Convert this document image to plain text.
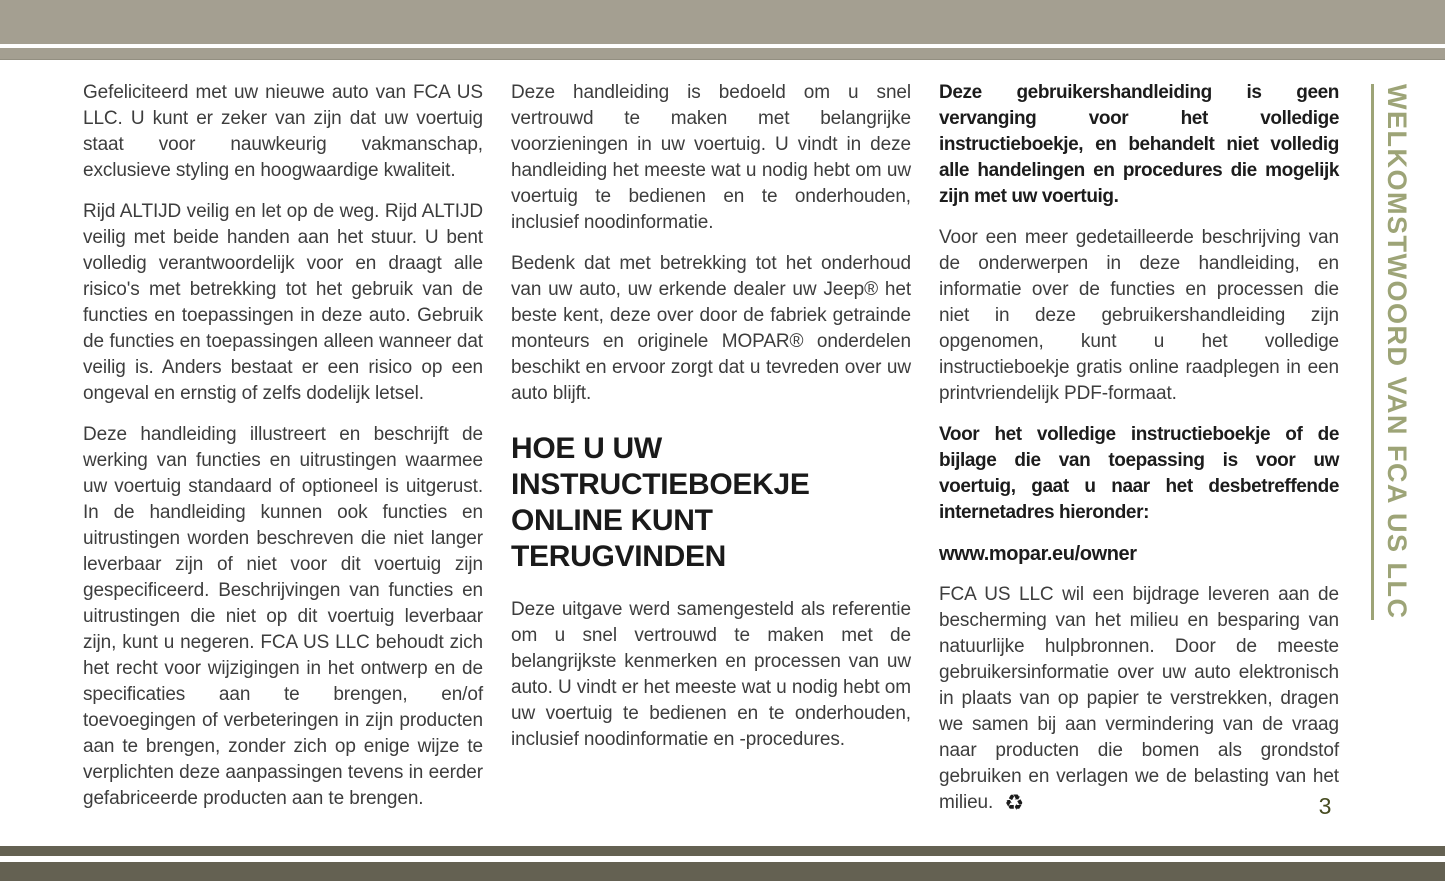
Gefeliciteerd met uw nieuwe auto van FCA US LLC. U kunt er zeker van zijn dat uw voertuig staat voor nauwkeurig vakmanschap, exclusieve styling en hoogwaardige kwaliteit.

Rijd ALTIJD veilig en let op de weg. Rijd ALTIJD veilig met beide handen aan het stuur. U bent volledig verantwoordelijk voor en draagt alle risico's met betrekking tot het gebruik van de functies en toepassingen in deze auto. Gebruik de functies en toepassingen alleen wanneer dat veilig is. Anders bestaat er een risico op een ongeval en ernstig of zelfs dodelijk letsel.

Deze handleiding illustreert en beschrijft de werking van functies en uitrustingen waarmee uw voertuig standaard of optioneel is uitgerust. In de handleiding kunnen ook functies en uitrustingen worden beschreven die niet langer leverbaar zijn of niet voor dit voertuig zijn gespecificeerd. Beschrijvingen van functies en uitrustingen die niet op dit voertuig leverbaar zijn, kunt u negeren. FCA US LLC behoudt zich het recht voor wijzigingen in het ontwerp en de specificaties aan te brengen, en/of toevoegingen of verbeteringen in zijn producten aan te brengen, zonder zich op enige wijze te verplichten deze aanpassingen tevens in eerder gefabriceerde producten aan te brengen.

Deze handleiding is bedoeld om u snel vertrouwd te maken met belangrijke voorzieningen in uw voertuig. U vindt in deze handleiding het meeste wat u nodig hebt om uw voertuig te bedienen en te onderhouden, inclusief noodinformatie.

Bedenk dat met betrekking tot het onderhoud van uw auto, uw erkende dealer uw Jeep® het beste kent, deze over door de fabriek getrainde monteurs en originele MOPAR® onderdelen beschikt en ervoor zorgt dat u tevreden over uw auto blijft.

HOE U UW INSTRUCTIEBOEKJE ONLINE KUNT TERUGVINDEN

Deze uitgave werd samengesteld als referentie om u snel vertrouwd te maken met de belangrijkste kenmerken en processen van uw auto. U vindt er het meeste wat u nodig hebt om uw voertuig te bedienen en te onderhouden, inclusief noodinformatie en -procedures.

Deze gebruikershandleiding is geen vervanging voor het volledige instructieboekje, en behandelt niet volledig alle handelingen en procedures die mogelijk zijn met uw voertuig.

Voor een meer gedetailleerde beschrijving van de onderwerpen in deze handleiding, en informatie over de functies en processen die niet in deze gebruikershandleiding zijn opgenomen, kunt u het volledige instructieboekje gratis online raadplegen in een printvriendelijk PDF-formaat.

Voor het volledige instructieboekje of de bijlage die van toepassing is voor uw voertuig, gaat u naar het desbetreffende internetadres hieronder:

www.mopar.eu/owner

FCA US LLC wil een bijdrage leveren aan de bescherming van het milieu en besparing van natuurlijke hulpbronnen. Door de meeste gebruikersinformatie over uw auto elektronisch in plaats van op papier te verstrekken, dragen we samen bij aan vermindering van de vraag naar producten die bomen als grondstof gebruiken en verlagen we de belasting van het milieu. ♻

WELKOMSTWOORD VAN FCA US LLC
3
